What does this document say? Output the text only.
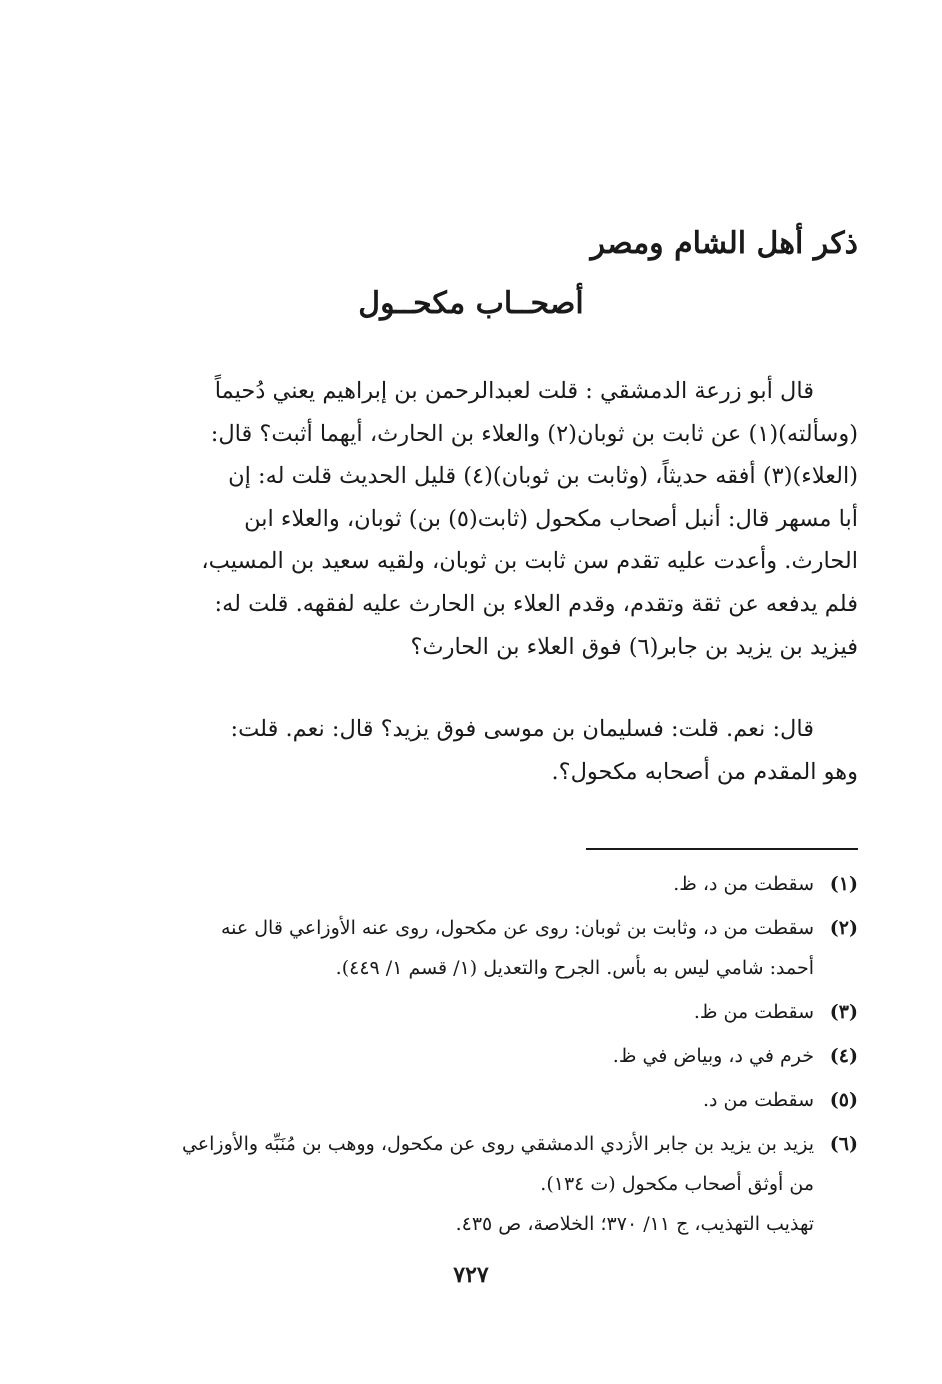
ذكر أهل الشام ومصر
أصحــاب مكحــول

قال أبو زرعة الدمشقي : قلت لعبدالرحمن بن إبراهيم يعني دُحيماً
(وسألته)(١) عن ثابت بن ثوبان(٢) والعلاء بن الحارث، أيهما أثبت؟ قال:
(العلاء)(٣) أفقه حديثاً، (وثابت بن ثوبان)(٤) قليل الحديث قلت له: إن
أبا مسهر قال: أنبل أصحاب مكحول (ثابت(٥) بن) ثوبان، والعلاء ابن
الحارث. وأعدت عليه تقدم سن ثابت بن ثوبان، ولقيه سعيد بن المسيب،
فلم يدفعه عن ثقة وتقدم، وقدم العلاء بن الحارث عليه لفقهه. قلت له:
فيزيد بن يزيد بن جابر(٦) فوق العلاء بن الحارث؟

قال: نعم. قلت: فسليمان بن موسى فوق يزيد؟ قال: نعم. قلت:
وهو المقدم من أصحابه مكحول؟.

(١)
سقطت من د، ظ.
(٢)
سقطت من د، وثابت بن ثوبان: روى عن مكحول، روى عنه الأوزاعي قال عنه
أحمد: شامي ليس به بأس. الجرح والتعديل (١/ قسم ١/ ٤٤٩).
(٣)
سقطت من ظ.
(٤)
خرم في د، وبياض في ظ.
(٥)
سقطت من د.
(٦)
يزيد بن يزيد بن جابر الأزدي الدمشقي روى عن مكحول، ووهب بن مُنَبِّه والأوزاعي
من أوثق أصحاب مكحول (ت ١٣٤).
تهذيب التهذيب، ج ١١/ ٣٧٠؛ الخلاصة، ص ٤٣٥.
٧٢٧
